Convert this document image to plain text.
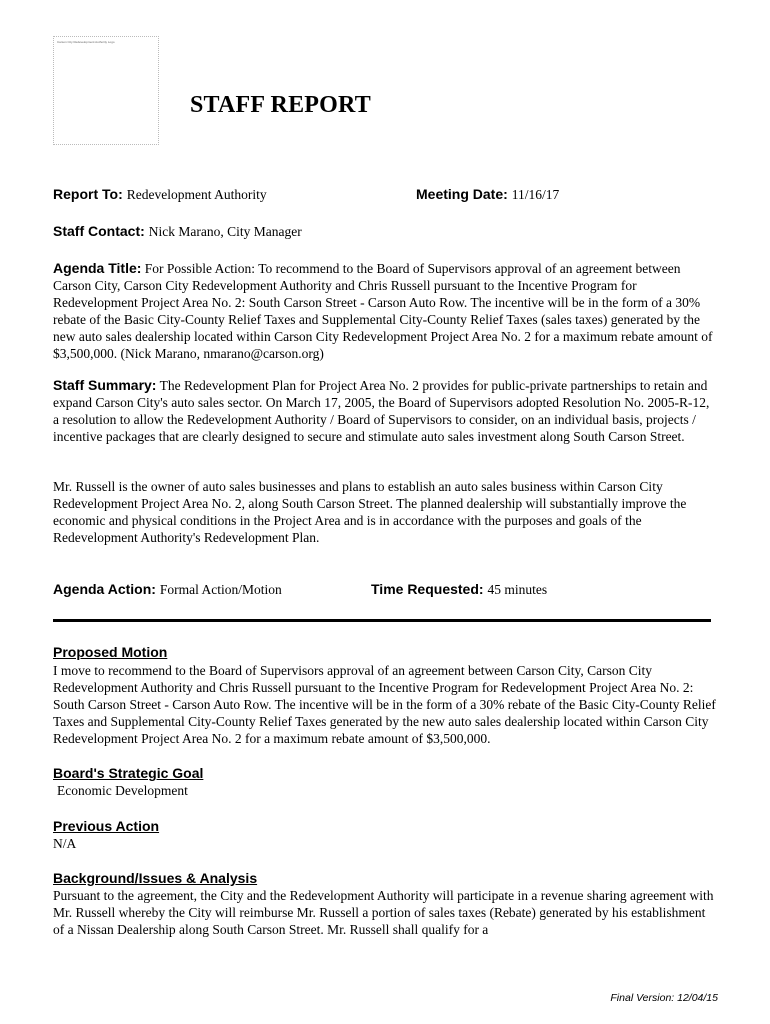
Carson City Redevelopment Authority Logo
STAFF REPORT
Report To: Redevelopment Authority	Meeting Date: 11/16/17
Staff Contact: Nick Marano, City Manager
Agenda Title: For Possible Action: To recommend to the Board of Supervisors approval of an agreement between Carson City, Carson City Redevelopment Authority and Chris Russell pursuant to the Incentive Program for Redevelopment Project Area No. 2: South Carson Street - Carson Auto Row. The incentive will be in the form of a 30% rebate of the Basic City-County Relief Taxes and Supplemental City-County Relief Taxes (sales taxes) generated by the new auto sales dealership located within Carson City Redevelopment Project Area No. 2 for a maximum rebate amount of $3,500,000. (Nick Marano, nmarano@carson.org)
Staff Summary: The Redevelopment Plan for Project Area No. 2 provides for public-private partnerships to retain and expand Carson City's auto sales sector. On March 17, 2005, the Board of Supervisors adopted Resolution No. 2005-R-12, a resolution to allow the Redevelopment Authority / Board of Supervisors to consider, on an individual basis, projects / incentive packages that are clearly designed to secure and stimulate auto sales investment along South Carson Street.
Mr. Russell is the owner of auto sales businesses and plans to establish an auto sales business within Carson City Redevelopment Project Area No. 2, along South Carson Street. The planned dealership will substantially improve the economic and physical conditions in the Project Area and is in accordance with the purposes and goals of the Redevelopment Authority's Redevelopment Plan.
Agenda Action: Formal Action/Motion	Time Requested: 45 minutes
Proposed Motion
I move to recommend to the Board of Supervisors approval of an agreement between Carson City, Carson City Redevelopment Authority and Chris Russell pursuant to the Incentive Program for Redevelopment Project Area No. 2: South Carson Street - Carson Auto Row. The incentive will be in the form of a 30% rebate of the Basic City-County Relief Taxes and Supplemental City-County Relief Taxes generated by the new auto sales dealership located within Carson City Redevelopment Project Area No. 2 for a maximum rebate amount of $3,500,000.
Board's Strategic Goal
Economic Development
Previous Action
N/A
Background/Issues & Analysis
Pursuant to the agreement, the City and the Redevelopment Authority will participate in a revenue sharing agreement with Mr. Russell whereby the City will reimburse Mr. Russell a portion of sales taxes (Rebate) generated by his establishment of a Nissan Dealership along South Carson Street. Mr. Russell shall qualify for a
Final Version: 12/04/15
